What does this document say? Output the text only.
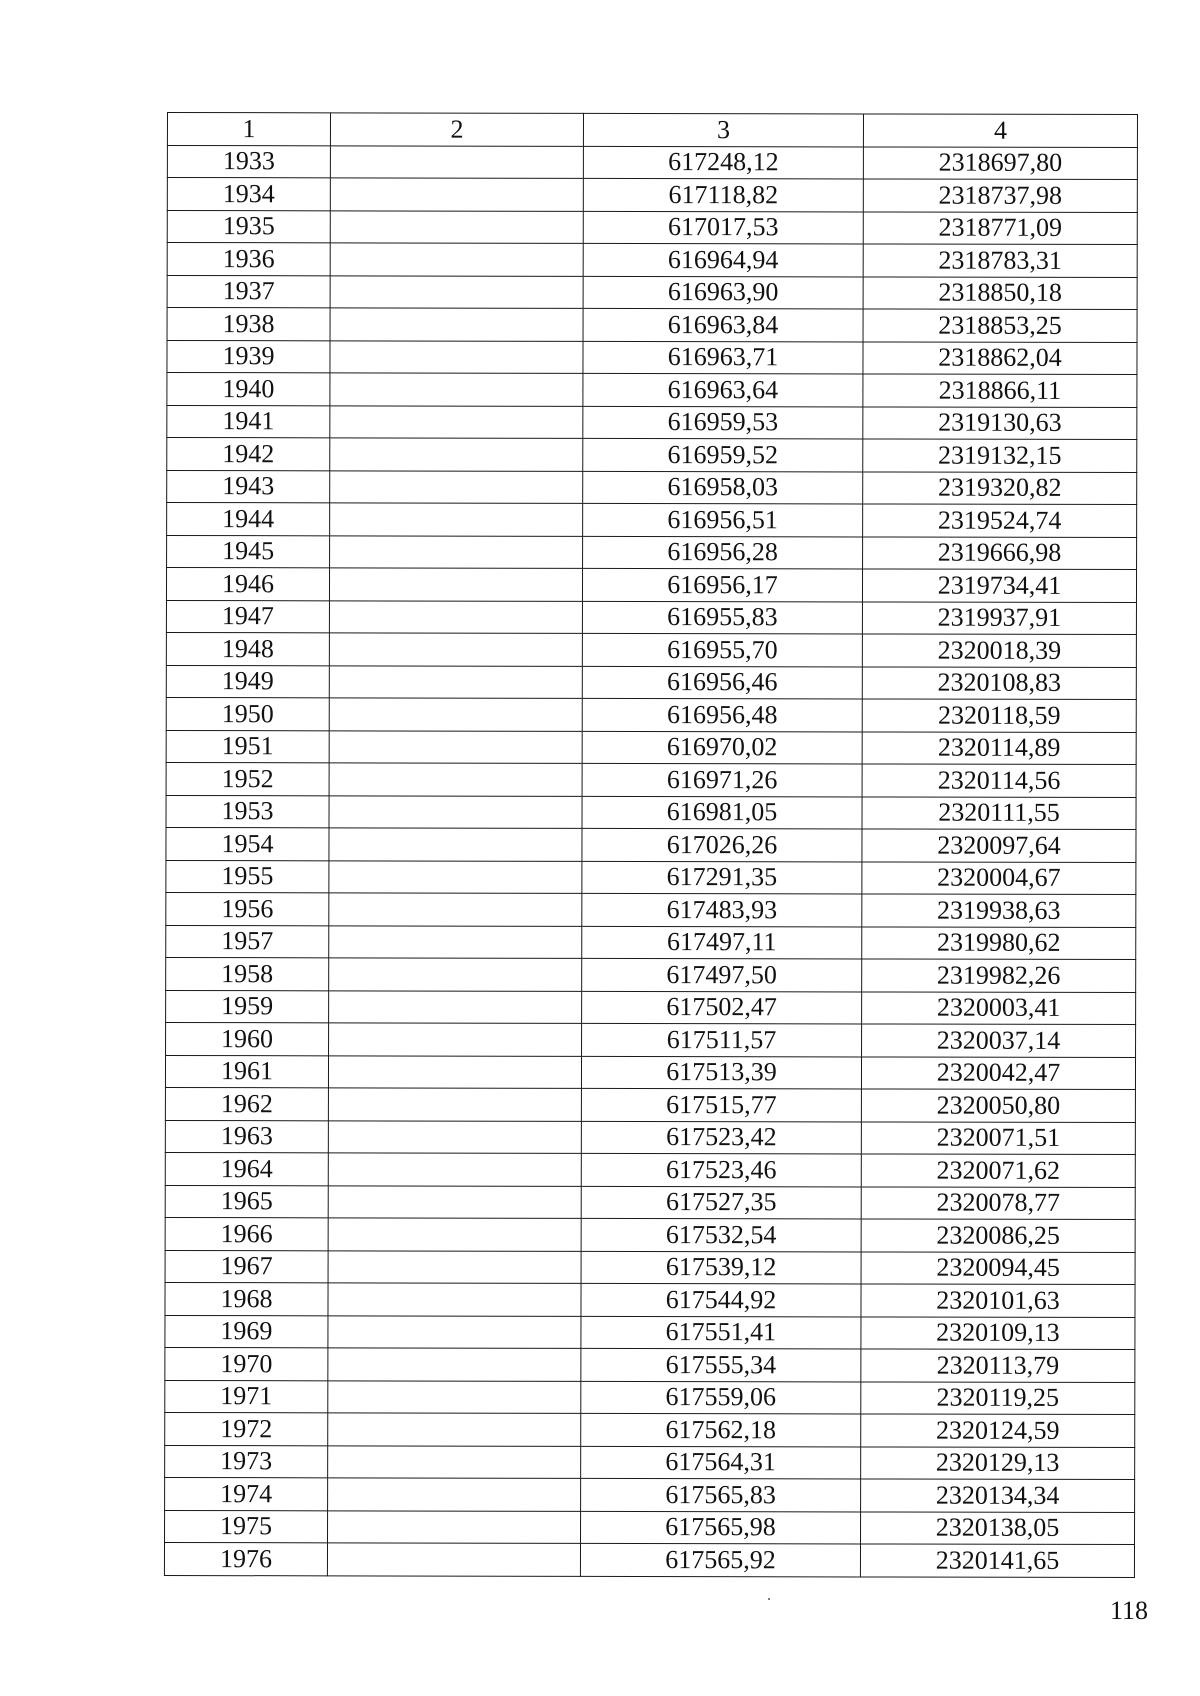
1	2	3	4
1933		617248,12	2318697,80
1934		617118,82	2318737,98
1935		617017,53	2318771,09
1936		616964,94	2318783,31
1937		616963,90	2318850,18
1938		616963,84	2318853,25
1939		616963,71	2318862,04
1940		616963,64	2318866,11
1941		616959,53	2319130,63
1942		616959,52	2319132,15
1943		616958,03	2319320,82
1944		616956,51	2319524,74
1945		616956,28	2319666,98
1946		616956,17	2319734,41
1947		616955,83	2319937,91
1948		616955,70	2320018,39
1949		616956,46	2320108,83
1950		616956,48	2320118,59
1951		616970,02	2320114,89
1952		616971,26	2320114,56
1953		616981,05	2320111,55
1954		617026,26	2320097,64
1955		617291,35	2320004,67
1956		617483,93	2319938,63
1957		617497,11	2319980,62
1958		617497,50	2319982,26
1959		617502,47	2320003,41
1960		617511,57	2320037,14
1961		617513,39	2320042,47
1962		617515,77	2320050,80
1963		617523,42	2320071,51
1964		617523,46	2320071,62
1965		617527,35	2320078,77
1966		617532,54	2320086,25
1967		617539,12	2320094,45
1968		617544,92	2320101,63
1969		617551,41	2320109,13
1970		617555,34	2320113,79
1971		617559,06	2320119,25
1972		617562,18	2320124,59
1973		617564,31	2320129,13
1974		617565,83	2320134,34
1975		617565,98	2320138,05
1976		617565,92	2320141,65
118
